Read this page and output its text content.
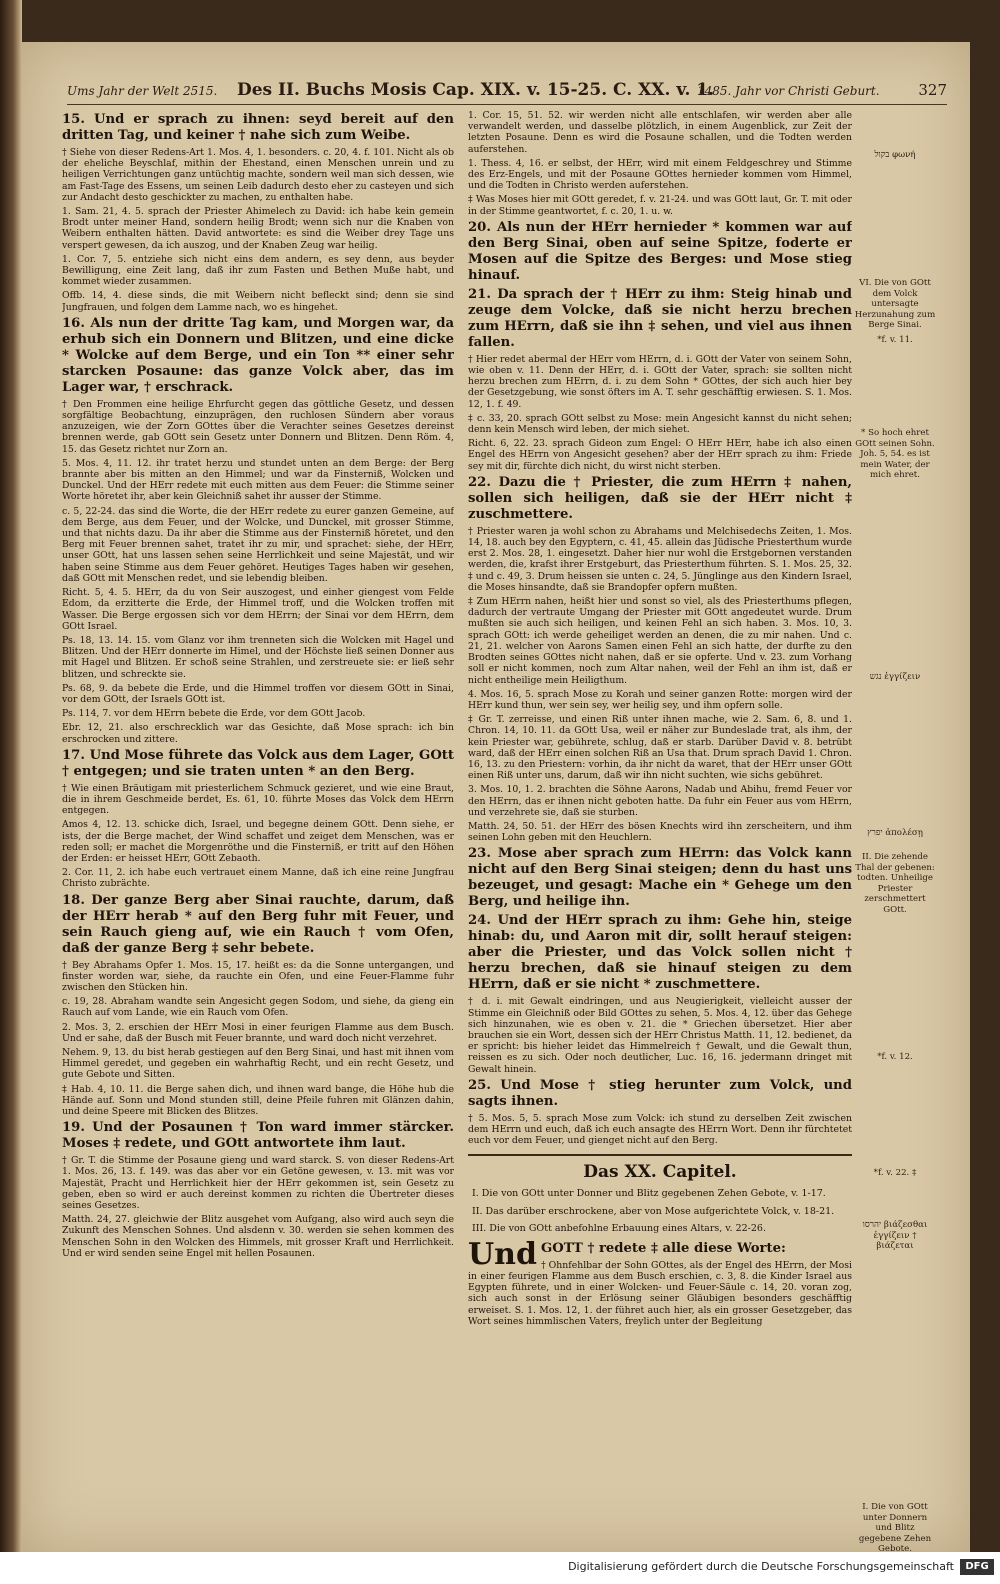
Ums Jahr der Welt 2515. Des II. Buchs Mosis Cap. XIX. v. 15-25. C. XX. v. 1.
1485. Jahr vor Christi Geburt.	327

15. Und er sprach zu ihnen: seyd bereit auf den dritten Tag, und keiner † nahe sich zum Weibe.

† Siehe von dieser Redens-Art 1. Mos. 4, 1. besonders. c. 20, 4. f. 101. Nicht als ob der eheliche Beyschlaf, mithin der Ehestand, einen Menschen unrein und zu heiligen Verrichtungen ganz untüchtig machte, sondern weil man sich dessen, wie am Fast-Tage des Essens, um seinen Leib dadurch desto eher zu casteyen und sich zur Andacht desto geschickter zu machen, zu enthalten habe.

1. Sam. 21, 4. 5. sprach der Priester Ahimelech zu David: ich habe kein gemein Brodt unter meiner Hand, sondern heilig Brodt; wenn sich nur die Knaben von Weibern enthalten hätten. David antwortete: es sind die Weiber drey Tage uns verspert gewesen, da ich auszog, und der Knaben Zeug war heilig.

1. Cor. 7, 5. entziehe sich nicht eins dem andern, es sey denn, aus beyder Bewilligung, eine Zeit lang, daß ihr zum Fasten und Bethen Muße habt, und kommet wieder zusammen.

Offb. 14, 4. diese sinds, die mit Weibern nicht befleckt sind; denn sie sind Jungfrauen, und folgen dem Lamme nach, wo es hingehet.

16. Als nun der dritte Tag kam, und Morgen war, da erhub sich ein Donnern und Blitzen, und eine dicke * Wolcke auf dem Berge, und ein Ton ** einer sehr starcken Posaune: das ganze Volck aber, das im Lager war, † erschrack.

† Den Frommen eine heilige Ehrfurcht gegen das göttliche Gesetz, und dessen sorgfältige Beobachtung, einzuprägen, den ruchlosen Sündern aber voraus anzuzeigen, wie der Zorn GOttes über die Verachter seines Gesetzes dereinst brennen werde, gab GOtt sein Gesetz unter Donnern und Blitzen. Denn Röm. 4, 15. das Gesetz richtet nur Zorn an.

5. Mos. 4, 11. 12. ihr tratet herzu und stundet unten an dem Berge: der Berg brannte aber bis mitten an den Himmel; und war da Finsterniß, Wolcken und Dunckel. Und der HErr redete mit euch mitten aus dem Feuer: die Stimme seiner Worte höretet ihr, aber kein Gleichniß sahet ihr ausser der Stimme.

c. 5, 22-24. das sind die Worte, die der HErr redete zu eurer ganzen Gemeine, auf dem Berge, aus dem Feuer, und der Wolcke, und Dunckel, mit grosser Stimme, und that nichts dazu. Da ihr aber die Stimme aus der Finsterniß höretet, und den Berg mit Feuer brennen sahet, tratet ihr zu mir, und sprachet: siehe, der HErr, unser GOtt, hat uns lassen sehen seine Herrlichkeit und seine Majestät, und wir haben seine Stimme aus dem Feuer gehöret. Heutiges Tages haben wir gesehen, daß GOtt mit Menschen redet, und sie lebendig bleiben.

Richt. 5, 4. 5. HErr, da du von Seir auszogest, und einher giengest vom Felde Edom, da erzitterte die Erde, der Himmel troff, und die Wolcken troffen mit Wasser. Die Berge ergossen sich vor dem HErrn; der Sinai vor dem HErrn, dem GOtt Israel.

Ps. 18, 13. 14. 15. vom Glanz vor ihm trenneten sich die Wolcken mit Hagel und Blitzen. Und der HErr donnerte im Himel, und der Höchste ließ seinen Donner aus mit Hagel und Blitzen. Er schoß seine Strahlen, und zerstreuete sie: er ließ sehr blitzen, und schreckte sie.

Ps. 68, 9. da bebete die Erde, und die Himmel troffen vor diesem GOtt in Sinai, vor dem GOtt, der Israels GOtt ist.

Ps. 114, 7. vor dem HErrn bebete die Erde, vor dem GOtt Jacob.

Ebr. 12, 21. also erschrecklich war das Gesichte, daß Mose sprach: ich bin erschrocken und zittere.

17. Und Mose führete das Volck aus dem Lager, GOtt † entgegen; und sie traten unten * an den Berg.

† Wie einen Bräutigam mit priesterlichem Schmuck gezieret, und wie eine Braut, die in ihrem Geschmeide berdet, Es. 61, 10. führte Moses das Volck dem HErrn entgegen.

Amos 4, 12. 13. schicke dich, Israel, und begegne deinem GOtt. Denn siehe, er ists, der die Berge machet, der Wind schaffet und zeiget dem Menschen, was er reden soll; er machet die Morgenröthe und die Finsterniß, er tritt auf den Höhen der Erden: er heisset HErr, GOtt Zebaoth.

2. Cor. 11, 2. ich habe euch vertrauet einem Manne, daß ich eine reine Jungfrau Christo zubrächte.

18. Der ganze Berg aber Sinai rauchte, darum, daß der HErr herab * auf den Berg fuhr mit Feuer, und sein Rauch gieng auf, wie ein Rauch † vom Ofen, daß der ganze Berg ‡ sehr bebete.

† Bey Abrahams Opfer 1. Mos. 15, 17. heißt es: da die Sonne untergangen, und finster worden war, siehe, da rauchte ein Ofen, und eine Feuer-Flamme fuhr zwischen den Stücken hin.

c. 19, 28. Abraham wandte sein Angesicht gegen Sodom, und siehe, da gieng ein Rauch auf vom Lande, wie ein Rauch vom Ofen.

2. Mos. 3, 2. erschien der HErr Mosi in einer feurigen Flamme aus dem Busch. Und er sahe, daß der Busch mit Feuer brannte, und ward doch nicht verzehret.

Nehem. 9, 13. du bist herab gestiegen auf den Berg Sinai, und hast mit ihnen vom Himmel geredet, und gegeben ein wahrhaftig Recht, und ein recht Gesetz, und gute Gebote und Sitten.

‡ Hab. 4, 10. 11. die Berge sahen dich, und ihnen ward bange, die Höhe hub die Hände auf. Sonn und Mond stunden still, deine Pfeile fuhren mit Glänzen dahin, und deine Speere mit Blicken des Blitzes.

19. Und der Posaunen † Ton ward immer stärcker. Moses ‡ redete, und GOtt antwortete ihm laut.

† Gr. T. die Stimme der Posaune gieng und ward starck. S. von dieser Redens-Art 1. Mos. 26, 13. f. 149. was das aber vor ein Getöne gewesen, v. 13. mit was vor Majestät, Pracht und Herrlichkeit hier der HErr gekommen ist, sein Gesetz zu geben, eben so wird er auch dereinst kommen zu richten die Übertreter dieses seines Gesetzes.

Matth. 24, 27. gleichwie der Blitz ausgehet vom Aufgang, also wird auch seyn die Zukunft des Menschen Sohnes. Und alsdenn v. 30. werden sie sehen kommen des Menschen Sohn in den Wolcken des Himmels, mit grosser Kraft und Herrlichkeit. Und er wird senden seine Engel mit hellen Posaunen.

1. Cor. 15, 51. 52. wir werden nicht alle entschlafen, wir werden aber alle verwandelt werden, und dasselbe plötzlich, in einem Augenblick, zur Zeit der letzten Posaune. Denn es wird die Posaune schallen, und die Todten werden auferstehen.

1. Thess. 4, 16. er selbst, der HErr, wird mit einem Feldgeschrey und Stimme des Erz-Engels, und mit der Posaune GOttes hernieder kommen vom Himmel, und die Todten in Christo werden auferstehen.

‡ Was Moses hier mit GOtt geredet, f. v. 21-24. und was GOtt laut, Gr. T. mit oder in der Stimme geantwortet, f. c. 20, 1. u. w.

20. Als nun der HErr hernieder * kommen war auf den Berg Sinai, oben auf seine Spitze, foderte er Mosen auf die Spitze des Berges: und Mose stieg hinauf.

21. Da sprach der † HErr zu ihm: Steig hinab und zeuge dem Volcke, daß sie nicht herzu brechen zum HErrn, daß sie ihn ‡ sehen, und viel aus ihnen fallen.

† Hier redet abermal der HErr vom HErrn, d. i. GOtt der Vater von seinem Sohn, wie oben v. 11. Denn der HErr, d. i. GOtt der Vater, sprach: sie sollten nicht herzu brechen zum HErrn, d. i. zu dem Sohn * GOttes, der sich auch hier bey der Gesetzgebung, wie sonst öfters im A. T. sehr geschäfftig erwiesen. S. 1. Mos. 12, 1. f. 49.

‡ c. 33, 20. sprach GOtt selbst zu Mose: mein Angesicht kannst du nicht sehen; denn kein Mensch wird leben, der mich siehet.

Richt. 6, 22. 23. sprach Gideon zum Engel: O HErr HErr, habe ich also einen Engel des HErrn von Angesicht gesehen? aber der HErr sprach zu ihm: Friede sey mit dir, fürchte dich nicht, du wirst nicht sterben.

22. Dazu die † Priester, die zum HErrn ‡ nahen, sollen sich heiligen, daß sie der HErr nicht ‡ zuschmettere.

† Priester waren ja wohl schon zu Abrahams und Melchisedechs Zeiten, 1. Mos. 14, 18. auch bey den Egyptern, c. 41, 45. allein das Jüdische Priesterthum wurde erst 2. Mos. 28, 1. eingesetzt. Daher hier nur wohl die Erstgebornen verstanden werden, die, krafst ihrer Erstgeburt, das Priesterthum führten. S. 1. Mos. 25, 32. ‡ und c. 49, 3. Drum heissen sie unten c. 24, 5. Jünglinge aus den Kindern Israel, die Moses hinsandte, daß sie Brandopfer opfern mußten.

‡ Zum HErrn nahen, heißt hier und sonst so viel, als des Priesterthums pflegen, dadurch der vertraute Umgang der Priester mit GOtt angedeutet wurde. Drum mußten sie auch sich heiligen, und keinen Fehl an sich haben. 3. Mos. 10, 3. sprach GOtt: ich werde geheiliget werden an denen, die zu mir nahen. Und c. 21, 21. welcher von Aarons Samen einen Fehl an sich hatte, der durfte zu den Brodten seines GOttes nicht nahen, daß er sie opferte. Und v. 23. zum Vorhang soll er nicht kommen, noch zum Altar nahen, weil der Fehl an ihm ist, daß er nicht entheilige mein Heiligthum.

4. Mos. 16, 5. sprach Mose zu Korah und seiner ganzen Rotte: morgen wird der HErr kund thun, wer sein sey, wer heilig sey, und ihm opfern solle.

‡ Gr. T. zerreisse, und einen Riß unter ihnen mache, wie 2. Sam. 6, 8. und 1. Chron. 14, 10. 11. da GOtt Usa, weil er näher zur Bundeslade trat, als ihm, der kein Priester war, gebührete, schlug, daß er starb. Darüber David v. 8. betrübt ward, daß der HErr einen solchen Riß an Usa that. Drum sprach David 1. Chron. 16, 13. zu den Priestern: vorhin, da ihr nicht da waret, that der HErr unser GOtt einen Riß unter uns, darum, daß wir ihn nicht suchten, wie sichs gebühret.

3. Mos. 10, 1. 2. brachten die Söhne Aarons, Nadab und Abihu, fremd Feuer vor den HErrn, das er ihnen nicht geboten hatte. Da fuhr ein Feuer aus vom HErrn, und verzehrete sie, daß sie sturben.

Matth. 24, 50. 51. der HErr des bösen Knechts wird ihn zerscheitern, und ihm seinen Lohn geben mit den Heuchlern.

23. Mose aber sprach zum HErrn: das Volck kann nicht auf den Berg Sinai steigen; denn du hast uns bezeuget, und gesagt: Mache ein * Gehege um den Berg, und heilige ihn.

24. Und der HErr sprach zu ihm: Gehe hin, steige hinab: du, und Aaron mit dir, sollt herauf steigen: aber die Priester, und das Volck sollen nicht † herzu brechen, daß sie hinauf steigen zu dem HErrn, daß er sie nicht * zuschmettere.

† d. i. mit Gewalt eindringen, und aus Neugierigkeit, vielleicht ausser der Stimme ein Gleichniß oder Bild GOttes zu sehen, 5. Mos. 4, 12. über das Gehege sich hinzunahen, wie es oben v. 21. die * Griechen übersetzet. Hier aber brauchen sie ein Wort, dessen sich der HErr Christus Matth. 11, 12. bedienet, da er spricht: bis hieher leidet das Himmelreich † Gewalt, und die Gewalt thun, reissen es zu sich. Oder noch deutlicher, Luc. 16, 16. jedermann dringet mit Gewalt hinein.

25. Und Mose † stieg herunter zum Volck, und sagts ihnen.

† 5. Mos. 5, 5. sprach Mose zum Volck: ich stund zu derselben Zeit zwischen dem HErrn und euch, daß ich euch ansagte des HErrn Wort. Denn ihr fürchtetet euch vor dem Feuer, und gienget nicht auf den Berg.

Das XX. Capitel.
I. Die von GOtt unter Donner und Blitz gegebenen Zehen Gebote, v. 1-17.
II. Das darüber erschrockene, aber von Mose aufgerichtete Volck, v. 18-21.
III. Die von GOtt anbefohlne Erbauung eines Altars, v. 22-26.

Und GOTT † redete ‡ alle diese Worte:

† Ohnfehlbar der Sohn GOttes, als der Engel des HErrn, der Mosi in einer feurigen Flamme aus dem Busch erschien, c. 3, 8. die Kinder Israel aus Egypten führete, und in einer Wolcken- und Feuer-Säule c. 14, 20. voran zog, sich auch sonst in der Erlösung seiner Gläubigen besonders geschäfftig erweiset. S. 1. Mos. 12, 1. der führet auch hier, als ein grosser Gesetzgeber, das Wort seines himmlischen Vaters, freylich unter der Begleitung

בקול φωνή
VI. Die von GOtt dem Volck untersagte Herzunahung zum Berge Sinai.
*f. v. 11.
* So hoch ehret GOtt seinen Sohn. Joh. 5, 54. es ist mein Water, der mich ehret.
נגש ἐγγίζειν
יפרץ ἀπολέσῃ
II. Die zehende Thal der gebenen: todten. Unheilige Priester zerschmettert GOtt.
*f. v. 12.
*f. v. 22. ‡
יהרסו βιάζεσθαι ἐγγίζειν † βιάζεται
I. Die von GOtt unter Donnern und Blitz gegebene Zehen Gebote.
Digitalisierung gefördert durch die Deutsche Forschungsgemeinschaft	DFG
